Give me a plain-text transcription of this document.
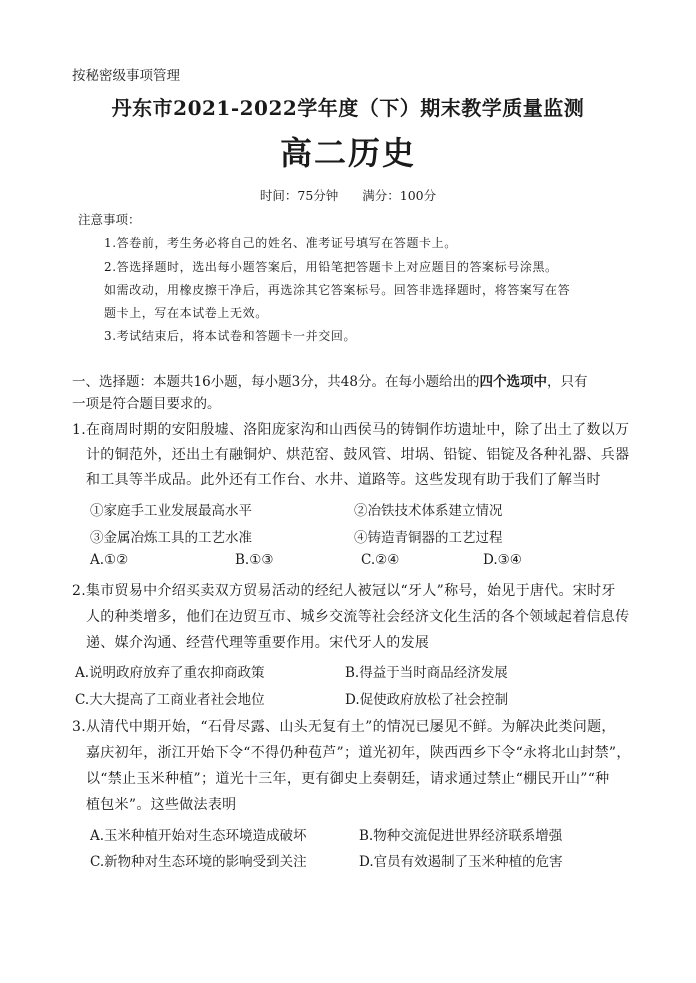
按秘密级事项管理
丹东市2021-2022学年度（下）期末教学质量监测
高二历史
时间：75分钟 满分：100分
注意事项：
1.答卷前，考生务必将自己的姓名、准考证号填写在答题卡上。
2.答选择题时，选出每小题答案后，用铅笔把答题卡上对应题目的答案标号涂黑。
如需改动，用橡皮擦干净后，再选涂其它答案标号。回答非选择题时，将答案写在答
题卡上，写在本试卷上无效。
3.考试结束后，将本试卷和答题卡一并交回。
一、选择题：本题共16小题，每小题3分，共48分。在每小题给出的四个选项中，只有
一项是符合题目要求的。
1.在商周时期的安阳殷墟、洛阳庞家沟和山西侯马的铸铜作坊遗址中，除了出土了数以万
计的铜范外，还出土有融铜炉、烘范窑、鼓风管、坩埚、铅锭、铝锭及各种礼器、兵器
和工具等半成品。此外还有工作台、水井、道路等。这些发现有助于我们了解当时
①家庭手工业发展最高水平	②冶铁技术体系建立情况
③金属冶炼工具的工艺水准	④铸造青铜器的工艺过程
A.①②	B.①③	C.②④	D.③④
2.集市贸易中介绍买卖双方贸易活动的经纪人被冠以“牙人”称号，始见于唐代。宋时牙
人的种类增多，他们在边贸互市、城乡交流等社会经济文化生活的各个领域起着信息传
递、媒介沟通、经营代理等重要作用。宋代牙人的发展
A.说明政府放弃了重农抑商政策	B.得益于当时商品经济发展
C.大大提高了工商业者社会地位	D.促使政府放松了社会控制
3.从清代中期开始，“石骨尽露、山头无复有土”的情况已屡见不鲜。为解决此类问题，
嘉庆初年，浙江开始下令“不得仍种苞芦”；道光初年，陕西西乡下令“永将北山封禁”，
以“禁止玉米种植”；道光十三年，更有御史上奏朝廷，请求通过禁止“棚民开山”“种
植包米”。这些做法表明
A.玉米种植开始对生态环境造成破坏	B.物种交流促进世界经济联系增强
C.新物种对生态环境的影响受到关注	D.官员有效遏制了玉米种植的危害
